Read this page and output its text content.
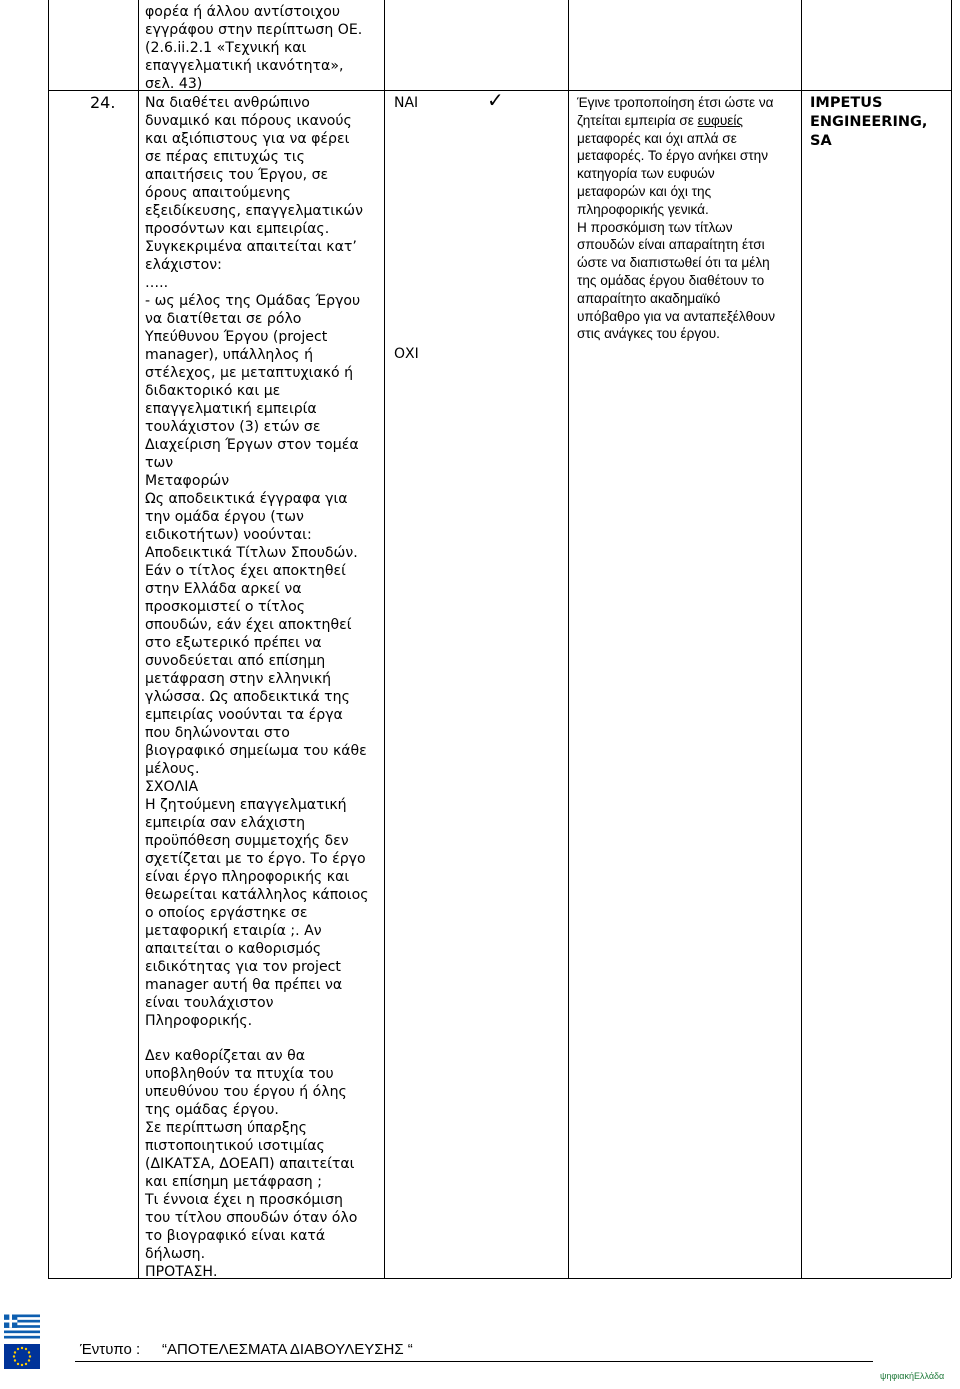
φορέα ή άλλου αντίστοιχου

εγγράφου στην περίπτωση ΟΕ.

(2.6.ii.2.1 «Τεχνική και

επαγγελματική ικανότητα»,

σελ. 43)

24. Να διαθέτει ανθρώπινο

δυναμικό και πόρους ικανούς

και αξιόπιστους για να φέρει

σε πέρας επιτυχώς τις

απαιτήσεις του Έργου, σε

όρους απαιτούμενης

εξειδίκευσης, επαγγελματικών

προσόντων και εμπειρίας.

Συγκεκριμένα απαιτείται κατ’

ελάχιστον:

…..

- ως μέλος της Ομάδας Έργου

να διατίθεται σε ρόλο

Υπεύθυνου Έργου (project

manager), υπάλληλος ή

στέλεχος, με μεταπτυχιακό ή

διδακτορικό και με

επαγγελματική εμπειρία

τουλάχιστον (3) ετών σε

Διαχείριση Έργων στον τομέα

των

Μεταφορών

Ως αποδεικτικά έγγραφα για

την ομάδα έργου (των

ειδικοτήτων) νοούνται:

Αποδεικτικά Τίτλων Σπουδών.

Εάν ο τίτλος έχει αποκτηθεί

στην Ελλάδα αρκεί να

προσκομιστεί ο τίτλος

σπουδών, εάν έχει αποκτηθεί

στο εξωτερικό πρέπει να

συνοδεύεται από επίσημη

μετάφραση στην ελληνική

γλώσσα. Ως αποδεικτικά της

εμπειρίας νοούνται τα έργα

που δηλώνονται στο

βιογραφικό σημείωμα του κάθε

μέλους.

ΣΧΟΛΙΑ

Η ζητούμενη επαγγελματική

εμπειρία σαν ελάχιστη

προϋπόθεση συμμετοχής δεν

σχετίζεται με το έργο. Το έργο

είναι έργο πληροφορικής και

θεωρείται κατάλληλος κάποιος

ο οποίος εργάστηκε σε

μεταφορική εταιρία ;. Αν

απαιτείται ο καθορισμός

ειδικότητας για τον project

manager αυτή θα πρέπει να

είναι τουλάχιστον

Πληροφορικής.

Δεν καθορίζεται αν θα

υποβληθούν τα πτυχία του

υπευθύνου του έργου ή όλης

της ομάδας έργου.

Σε περίπτωση ύπαρξης

πιστοποιητικού ισοτιμίας

(ΔΙΚΑΤΣΑ, ΔΟΕΑΠ) απαιτείται

και επίσημη μετάφραση ;

Τι έννοια έχει η προσκόμιση

του τίτλου σπουδών όταν όλο

το βιογραφικό είναι κατά

δήλωση.

ΠΡΟΤΑΣΗ.

ΝΑΙ	✓
ΟΧΙ

Έγινε τροποποίηση έτσι ώστε να

ζητείται εμπειρία σε ευφυείς

μεταφορές και όχι απλά σε

μεταφορές. Το έργο ανήκει στην

κατηγορία των ευφυών

μεταφορών και όχι της

πληροφορικής γενικά.

Η προσκόμιση των τίτλων

σπουδών είναι απαραίτητη έτσι

ώστε να διαπιστωθεί ότι τα μέλη

της ομάδας έργου διαθέτουν το

απαραίτητο ακαδημαϊκό

υπόβαθρο για να ανταπεξέλθουν

στις ανάγκες του έργου.

IMPETUS ENGINEERING, SA
Έντυπο : “ΑΠΟΤΕΛΕΣΜΑΤΑ ΔΙΑΒΟΥΛΕΥΣΗΣ “
ψηφιακήΕλλάδα
